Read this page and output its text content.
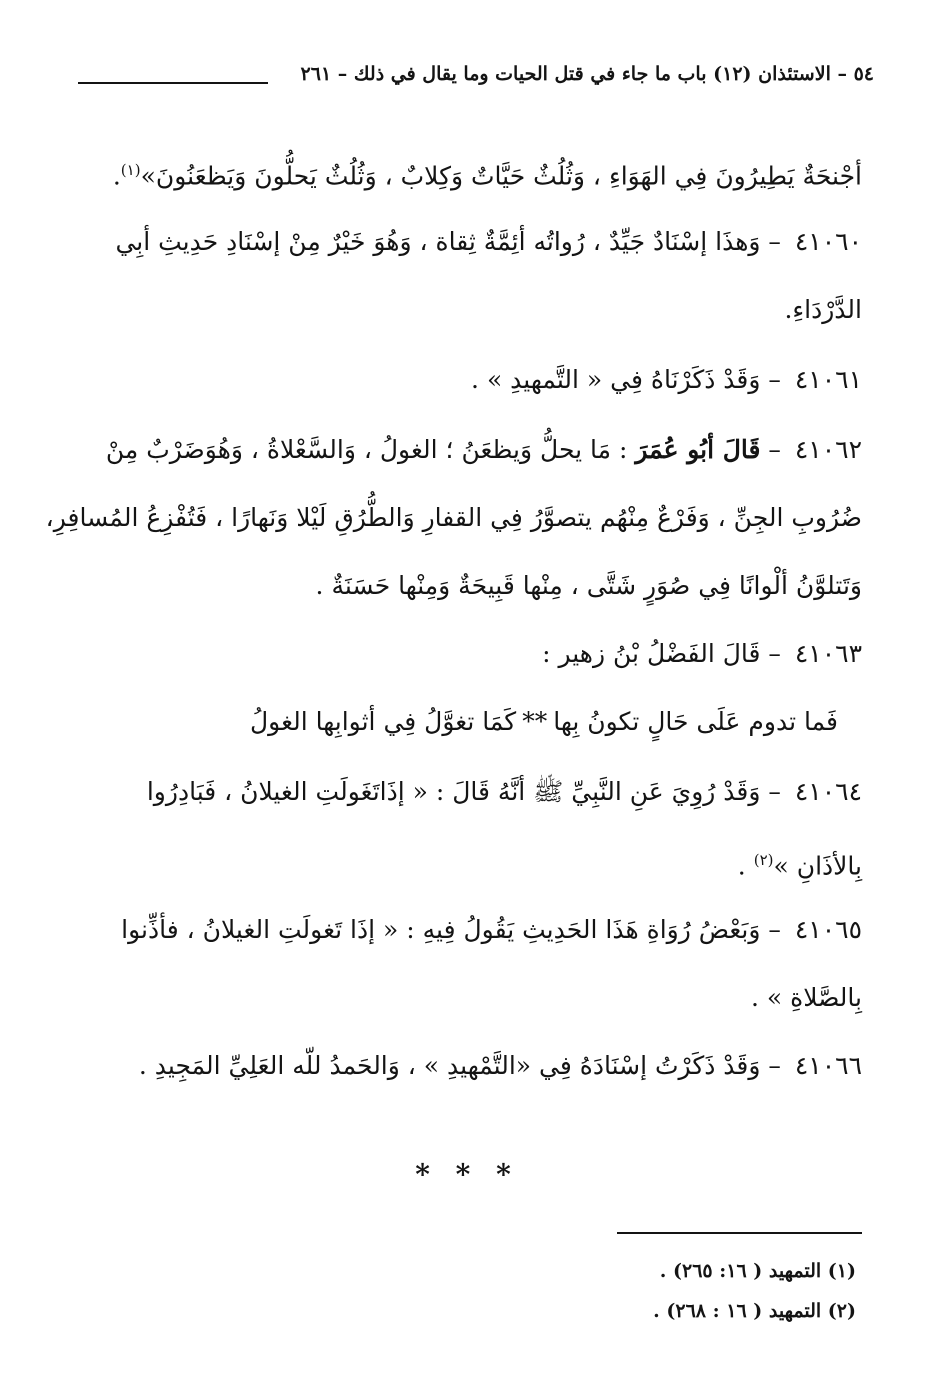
٥٤ – الاستئذان (١٢) باب ما جاء في قتل الحيات وما يقال في ذلك – ٢٦١
أجْنحَةٌ يَطِيرُونَ فِي الهَوَاءِ ، وَثُلُثٌ حَيَّاتٌ وَكِلابٌ ، وَثُلُثٌ يَحلُّونَ وَيَظعَنُونَ»$^{(١)}$.
٤١٠٦٠ – وَهذَا إسْنَادٌ جَيِّدٌ ، رُواتُه أئِمَّةٌ ثِقاة ، وَهُوَ خَيْرٌ مِنْ إسْنَادِ حَدِيثِ أبِي
الدَّرْدَاءِ.
٤١٠٦١ – وَقَدْ ذَكَرْنَاهُ فِي « التَّمهيدِ » .
٤١٠٦٢ – قَالَ أبُو عُمَرَ : مَا يحلُّ وَيظعَنُ ؛ الغولُ ، وَالسَّعْلاةُ ، وَهُوَضَرْبٌ مِنْ
ضُرُوبِ الجِنِّ ، وَفَرْعٌ مِنْهُم يتصوَّرُ فِي القفارِ وَالطُّرُقِ لَيْلا وَنَهارًا ، فَتُفْزِعُ المُسافِرِ،
وَتَتلوَّنُ ألْوانًا فِي صُوَرٍ شَتَّى ، مِنْها قَبِيحَةٌ وَمِنْها حَسَنَةٌ .
٤١٠٦٣ – قَالَ الفَضْلُ بْنُ زهير :
فَما تدوم عَلَى حَالٍ تكونُ بِها**كَمَا تغوَّلُ فِي أثوابِها الغولُ
٤١٠٦٤ – وَقَدْ رُوِيَ عَنِ النَّبِيِّ ﷺ أنَّهُ قَالَ : « إذَاتَغَولَتِ الغيلانُ ، فَبَادِرُوا
بِالأذَانِ »$^{(٢)}$ .
٤١٠٦٥ – وَبَعْضُ رُوَاةِ هَذَا الحَدِيثِ يَقُولُ فِيهِ : « إذَا تَغولَتِ الغيلانُ ، فأذِّنوا
بِالصَّلاةِ » .
٤١٠٦٦ – وَقَدْ ذَكَرْتُ إسْنَادَهُ فِي «التَّمْهيدِ » ، وَالحَمدُ للّه العَلِيِّ المَجِيدِ .
* * *
(١) التمهيد ( ١٦: ٢٦٥) .
(٢) التمهيد ( ١٦ : ٢٦٨) .
